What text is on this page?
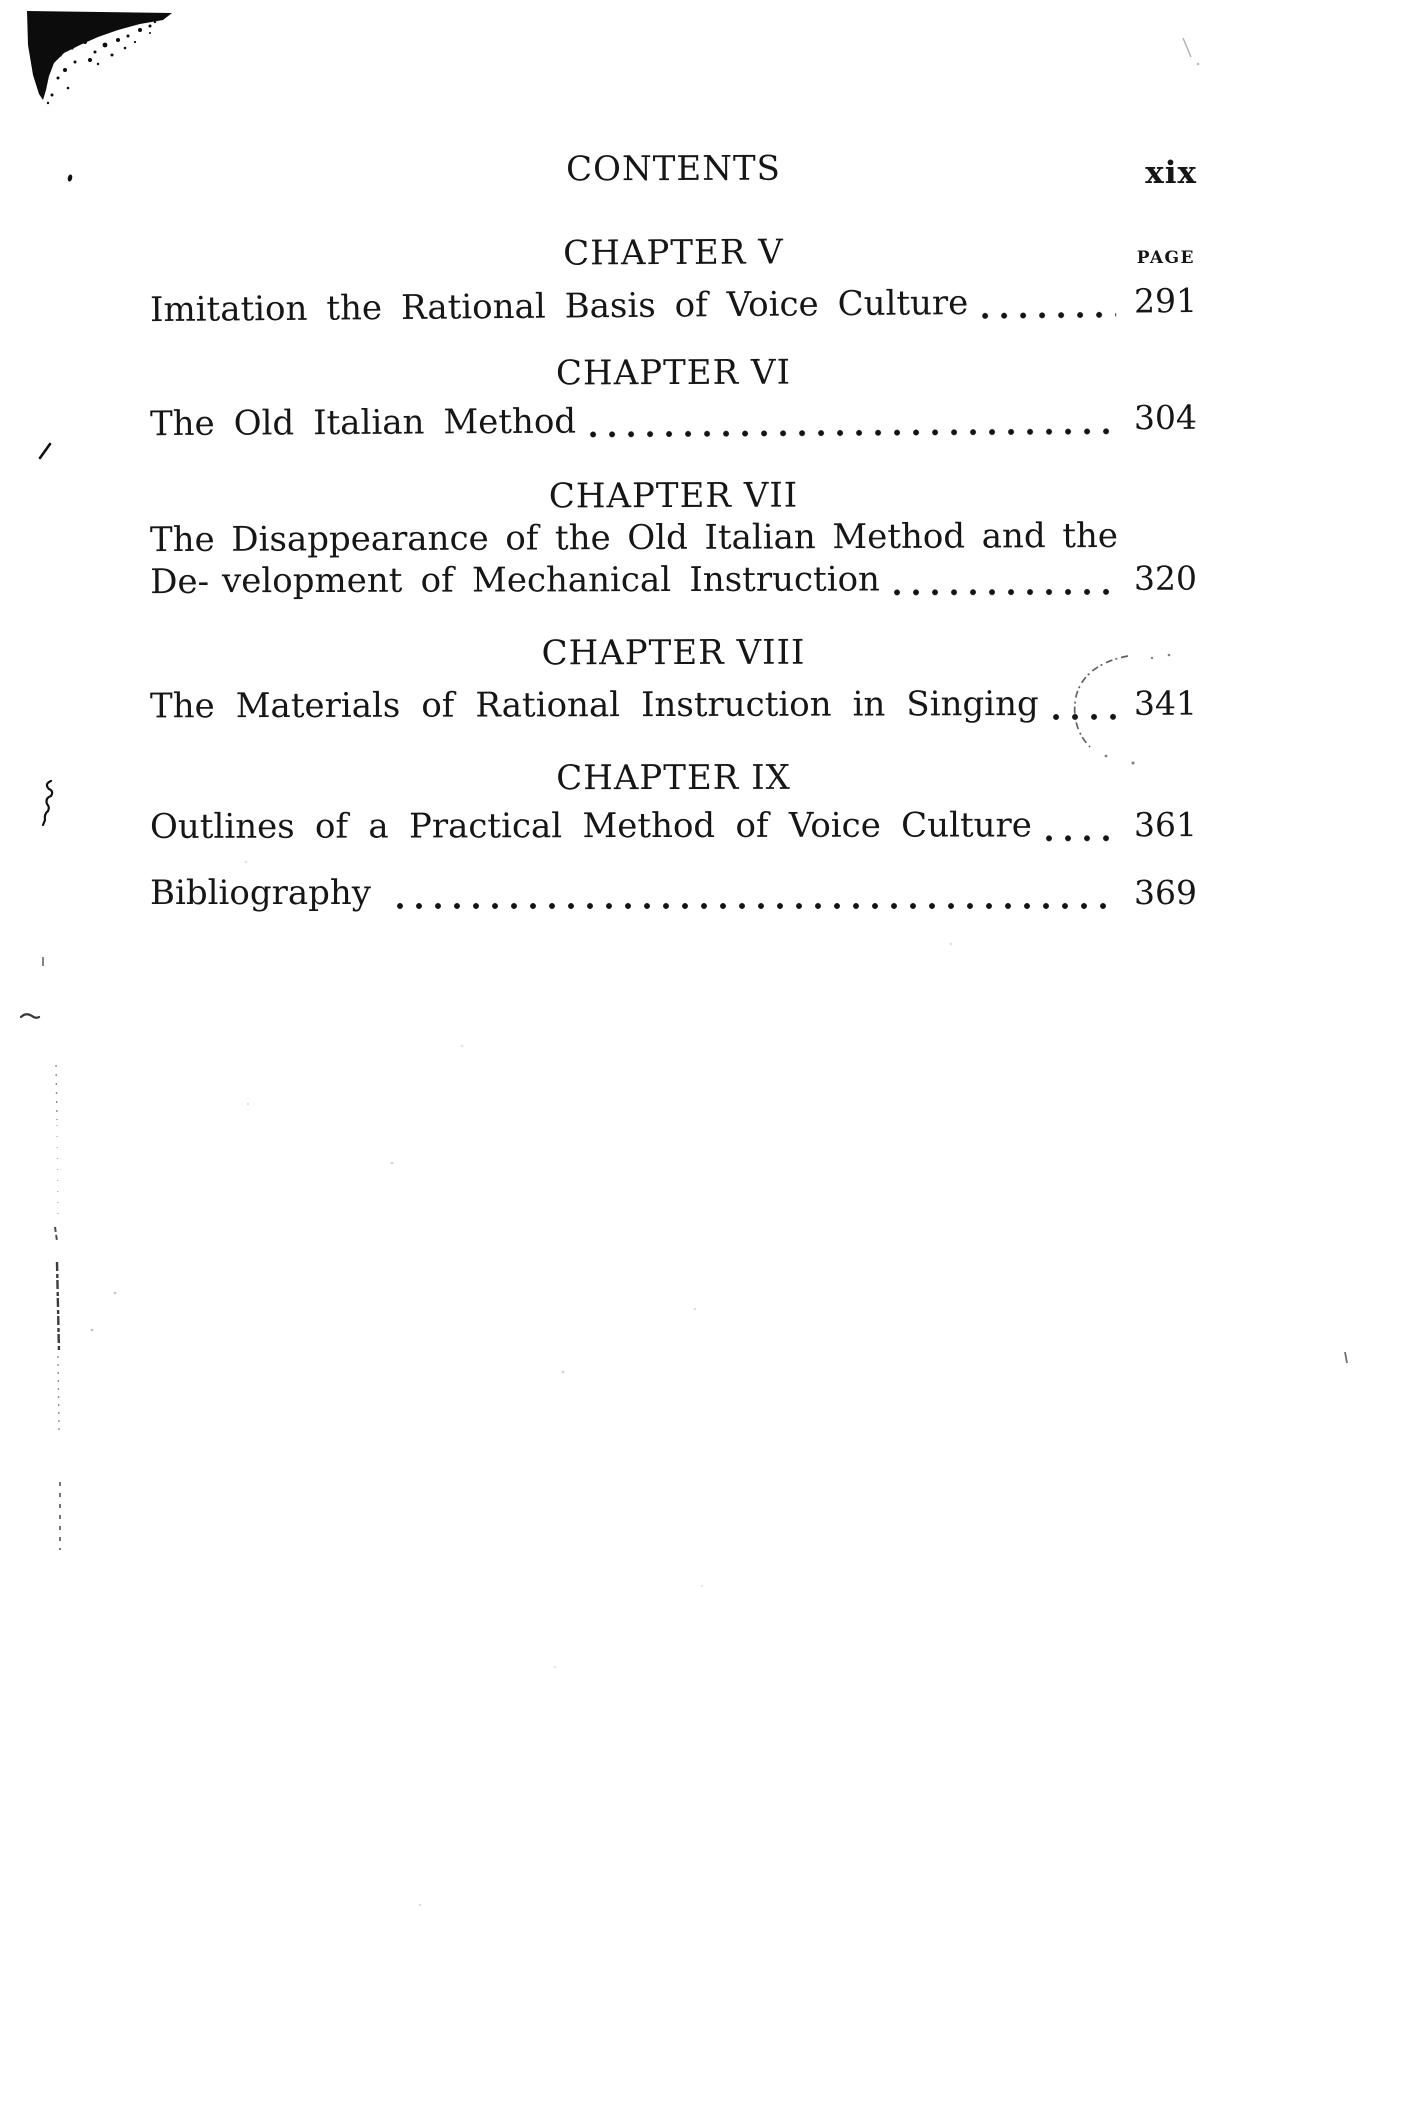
CONTENTS	xix
CHAPTER V	PAGE
Imitation the Rational Basis of Voice Culture	291
CHAPTER VI
The Old Italian Method	304
CHAPTER VII
The Disappearance of the Old Italian Method and the De- velopment of Mechanical Instruction	320
CHAPTER VIII
The Materials of Rational Instruction in Singing	341
CHAPTER IX
Outlines of a Practical Method of Voice Culture	361
Bibliography	369
